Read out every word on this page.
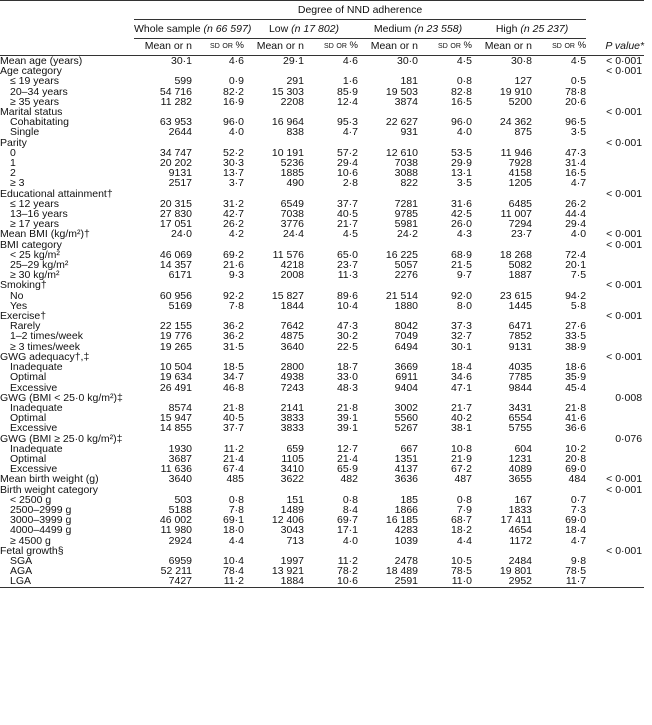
	Degree of NND adherence								
	Whole sample (n 66 597)		Low (n 17 802)		Medium (n 23 558)		High (n 25 237)		
	Mean or n	sd or %	Mean or n	sd or %	Mean or n	sd or %	Mean or n	sd or %	P value*
Mean age (years)	30·1	4·6	29·1	4·6	30·0	4·5	30·8	4·5	< 0·001
Age category									< 0·001
≤ 19 years	599	0·9	291	1·6	181	0·8	127	0·5	
20–34 years	54 716	82·2	15 303	85·9	19 503	82·8	19 910	78·8	
≥ 35 years	11 282	16·9	2208	12·4	3874	16·5	5200	20·6	
Marital status									< 0·001
Cohabitating	63 953	96·0	16 964	95·3	22 627	96·0	24 362	96·5	
Single	2644	4·0	838	4·7	931	4·0	875	3·5	
Parity									< 0·001
0	34 747	52·2	10 191	57·2	12 610	53·5	11 946	47·3	
1	20 202	30·3	5236	29·4	7038	29·9	7928	31·4	
2	9131	13·7	1885	10·6	3088	13·1	4158	16·5	
≥ 3	2517	3·7	490	2·8	822	3·5	1205	4·7	
Educational attainment†									< 0·001
≤ 12 years	20 315	31·2	6549	37·7	7281	31·6	6485	26·2	
13–16 years	27 830	42·7	7038	40·5	9785	42·5	11 007	44·4	
≥ 17 years	17 051	26·2	3776	21·7	5981	26·0	7294	29·4	
Mean BMI (kg/m²)†	24·0	4·2	24·4	4·5	24·2	4·3	23·7	4·0	< 0·001
BMI category									< 0·001
< 25 kg/m²	46 069	69·2	11 576	65·0	16 225	68·9	18 268	72·4	
25–29 kg/m²	14 357	21·6	4218	23·7	5057	21·5	5082	20·1	
≥ 30 kg/m²	6171	9·3	2008	11·3	2276	9·7	1887	7·5	
Smoking†									< 0·001
No	60 956	92·2	15 827	89·6	21 514	92·0	23 615	94·2	
Yes	5169	7·8	1844	10·4	1880	8·0	1445	5·8	
Exercise†									< 0·001
Rarely	22 155	36·2	7642	47·3	8042	37·3	6471	27·6	
1–2 times/week	19 776	36·2	4875	30·2	7049	32·7	7852	33·5	
≥ 3 times/week	19 265	31·5	3640	22·5	6494	30·1	9131	38·9	
GWG adequacy†,‡									< 0·001
Inadequate	10 504	18·5	2800	18·7	3669	18·4	4035	18·6	
Optimal	19 634	34·7	4938	33·0	6911	34·6	7785	35·9	
Excessive	26 491	46·8	7243	48·3	9404	47·1	9844	45·4	
GWG (BMI < 25·0 kg/m²)‡									0·008
Inadequate	8574	21·8	2141	21·8	3002	21·7	3431	21·8	
Optimal	15 947	40·5	3833	39·1	5560	40·2	6554	41·6	
Excessive	14 855	37·7	3833	39·1	5267	38·1	5755	36·6	
GWG (BMI ≥ 25·0 kg/m²)‡									0·076
Inadequate	1930	11·2	659	12·7	667	10·8	604	10·2	
Optimal	3687	21·4	1105	21·4	1351	21·9	1231	20·8	
Excessive	11 636	67·4	3410	65·9	4137	67·2	4089	69·0	
Mean birth weight (g)	3640	485	3622	482	3636	487	3655	484	< 0·001
Birth weight category									< 0·001
< 2500 g	503	0·8	151	0·8	185	0·8	167	0·7	
2500–2999 g	5188	7·8	1489	8·4	1866	7·9	1833	7·3	
3000–3999 g	46 002	69·1	12 406	69·7	16 185	68·7	17 411	69·0	
4000–4499 g	11 980	18·0	3043	17·1	4283	18·2	4654	18·4	
≥ 4500 g	2924	4·4	713	4·0	1039	4·4	1172	4·7	
Fetal growth§									< 0·001
SGA	6959	10·4	1997	11·2	2478	10·5	2484	9·8	
AGA	52 211	78·4	13 921	78·2	18 489	78·5	19 801	78·5	
LGA	7427	11·2	1884	10·6	2591	11·0	2952	11·7	
